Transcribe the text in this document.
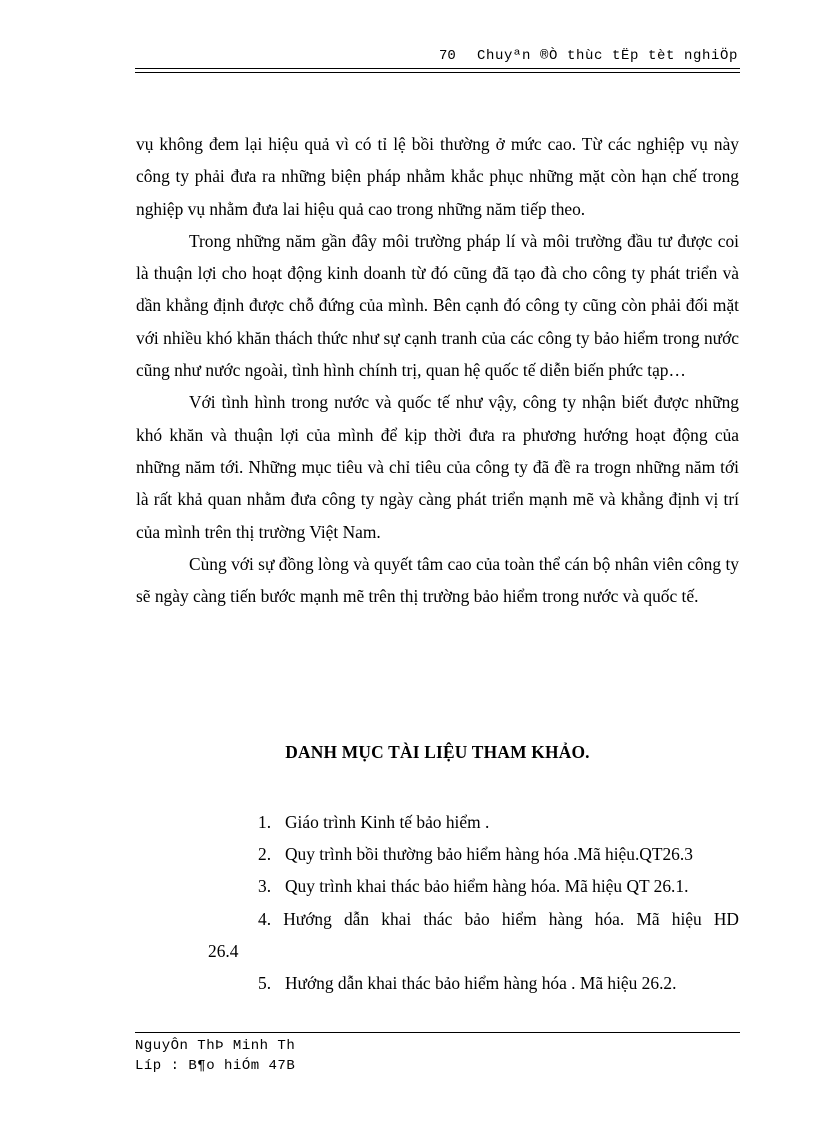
70 Chuyªn ®Ò thùc tËp tèt nghiÖp

vụ không đem lại hiệu quả vì có tỉ lệ bồi thường ở mức cao. Từ các nghiệp vụ này công ty phải đưa ra những biện pháp nhằm khắc phục những mặt còn hạn chế trong nghiệp vụ nhằm đưa lai hiệu quả cao trong những năm tiếp theo.

Trong những năm gần đây môi trường pháp lí và môi trường đầu tư được coi là thuận lợi cho hoạt động kinh doanh từ đó cũng đã tạo đà cho công ty phát triển và dần khẳng định được chỗ đứng của mình. Bên cạnh đó công ty cũng còn phải đối mặt với nhiều khó khăn thách thức như sự cạnh tranh của các công ty bảo hiểm trong nước cũng như nước ngoài, tình hình chính trị, quan hệ quốc tế diễn biến phức tạp…

Với tình hình trong nước và quốc tế như vậy, công ty nhận biết được những khó khăn và thuận lợi của mình để kịp thời đưa ra phương hướng hoạt động của những năm tới. Những mục tiêu và chỉ tiêu của công ty đã đề ra trogn những năm tới là rất khả quan nhằm đưa công ty ngày càng phát triển mạnh mẽ và khẳng định vị trí của mình trên thị trường Việt Nam.

Cùng với sự đồng lòng và quyết tâm cao của toàn thể cán bộ nhân viên công ty sẽ ngày càng tiến bước mạnh mẽ trên thị trường bảo hiểm trong nước và quốc tế.

DANH MỤC TÀI LIỆU THAM KHẢO.
1. Giáo trình Kinh tế bảo hiểm .
2. Quy trình bồi thường bảo hiểm hàng hóa .Mã hiệu.QT26.3
3. Quy trình khai thác bảo hiểm hàng hóa. Mã hiệu QT 26.1.
4. Hướng dẫn khai thác bảo hiểm hàng hóa. Mã hiệu HD
26.4
5. Hướng dẫn khai thác bảo hiểm hàng hóa . Mã hiệu 26.2.
NguyÔn ThÞ Minh Th
Líp : B¶o hiÓm 47B
